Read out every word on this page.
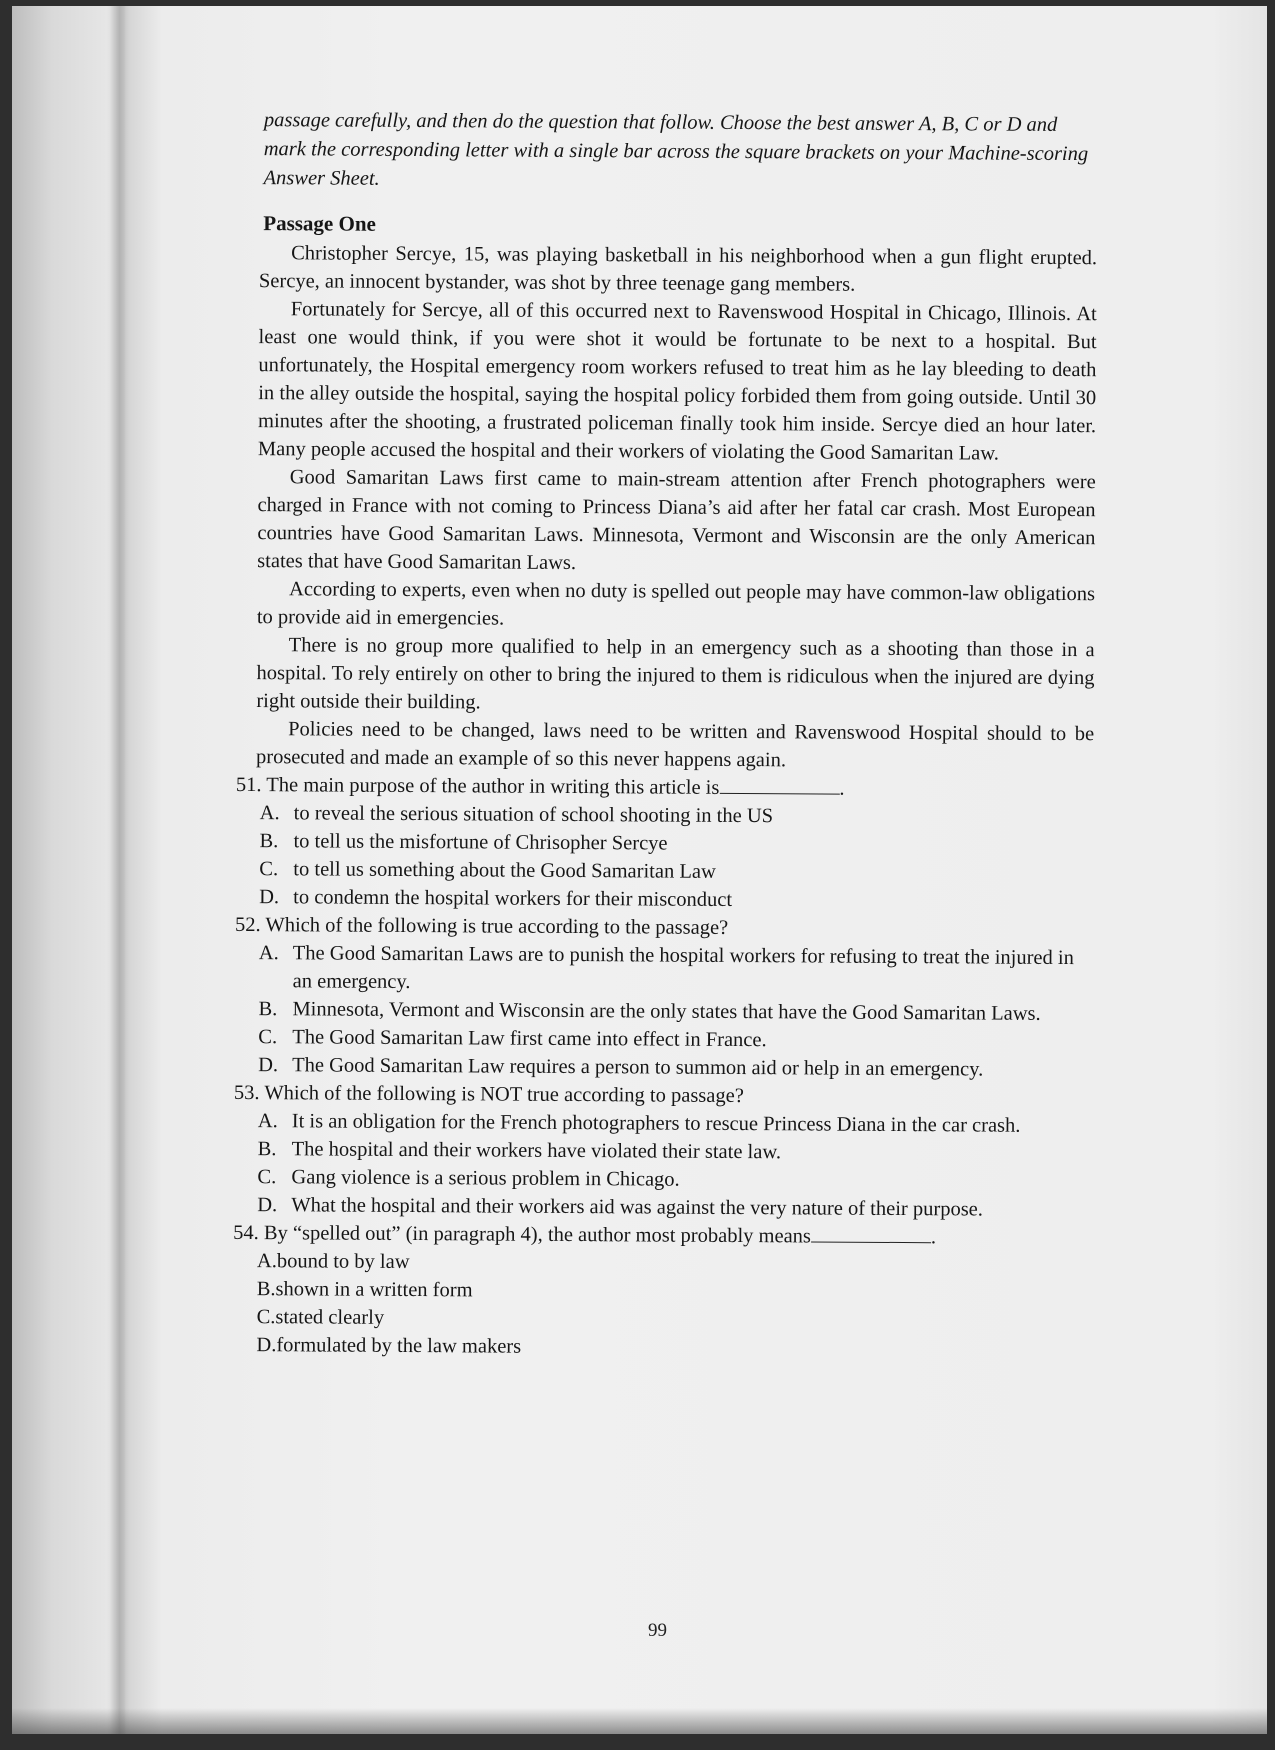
passage carefully, and then do the question that follow. Choose the best answer A, B, C or D and mark the corresponding letter with a single bar across the square brackets on your Machine-scoring Answer Sheet.

Passage One

Christopher Sercye, 15, was playing basketball in his neighborhood when a gun flight erupted. Sercye, an innocent bystander, was shot by three teenage gang members.

Fortunately for Sercye, all of this occurred next to Ravenswood Hospital in Chicago, Illinois. At least one would think, if you were shot it would be fortunate to be next to a hospital. But unfortunately, the Hospital emergency room workers refused to treat him as he lay bleeding to death in the alley outside the hospital, saying the hospital policy forbided them from going outside. Until 30 minutes after the shooting, a frustrated policeman finally took him inside. Sercye died an hour later. Many people accused the hospital and their workers of violating the Good Samaritan Law.

Good Samaritan Laws first came to main-stream attention after French photographers were charged in France with not coming to Princess Diana’s aid after her fatal car crash. Most European countries have Good Samaritan Laws. Minnesota, Vermont and Wisconsin are the only American states that have Good Samaritan Laws.

According to experts, even when no duty is spelled out people may have common-law obligations to provide aid in emergencies.

There is no group more qualified to help in an emergency such as a shooting than those in a hospital. To rely entirely on other to bring the injured to them is ridiculous when the injured are dying right outside their building.

Policies need to be changed, laws need to be written and Ravenswood Hospital should to be prosecuted and made an example of so this never happens again.

51. The main purpose of the author in writing this article is	.

A. to reveal the serious situation of school shooting in the US
B. to tell us the misfortune of Chrisopher Sercye
C. to tell us something about the Good Samaritan Law
D. to condemn the hospital workers for their misconduct

52. Which of the following is true according to the passage?

A. The Good Samaritan Laws are to punish the hospital workers for refusing to treat the injured in an emergency.
B. Minnesota, Vermont and Wisconsin are the only states that have the Good Samaritan Laws.
C. The Good Samaritan Law first came into effect in France.
D. The Good Samaritan Law requires a person to summon aid or help in an emergency.

53. Which of the following is NOT true according to passage?

A. It is an obligation for the French photographers to rescue Princess Diana in the car crash.
B. The hospital and their workers have violated their state law.
C. Gang violence is a serious problem in Chicago.
D. What the hospital and their workers aid was against the very nature of their purpose.

54. By “spelled out” (in paragraph 4), the author most probably means	.

A.bound to by law
B.shown in a written form
C.stated clearly
D.formulated by the law makers
99
